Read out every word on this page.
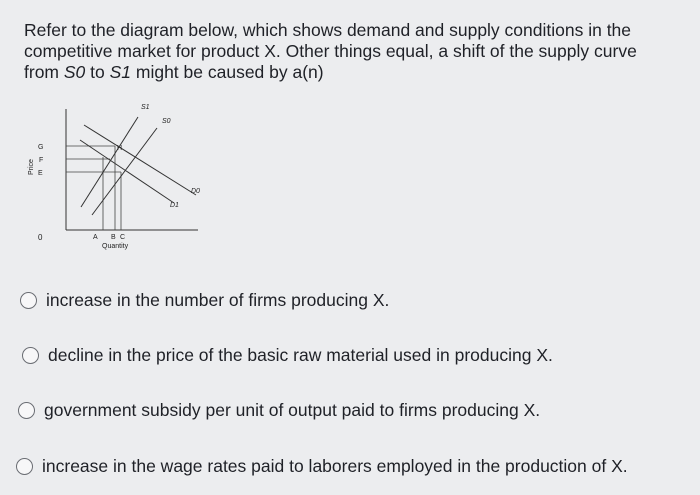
Refer to the diagram below, which shows demand and supply conditions in the

competitive market for product X. Other things equal, a shift of the supply curve

from S0 to S1 might be caused by a(n)

Price
0
G
F
E
A B C
Quantity
H
S1
S0
D0
D1
increase in the number of firms producing X.
decline in the price of the basic raw material used in producing X.
government subsidy per unit of output paid to firms producing X.
increase in the wage rates paid to laborers employed in the production of X.
